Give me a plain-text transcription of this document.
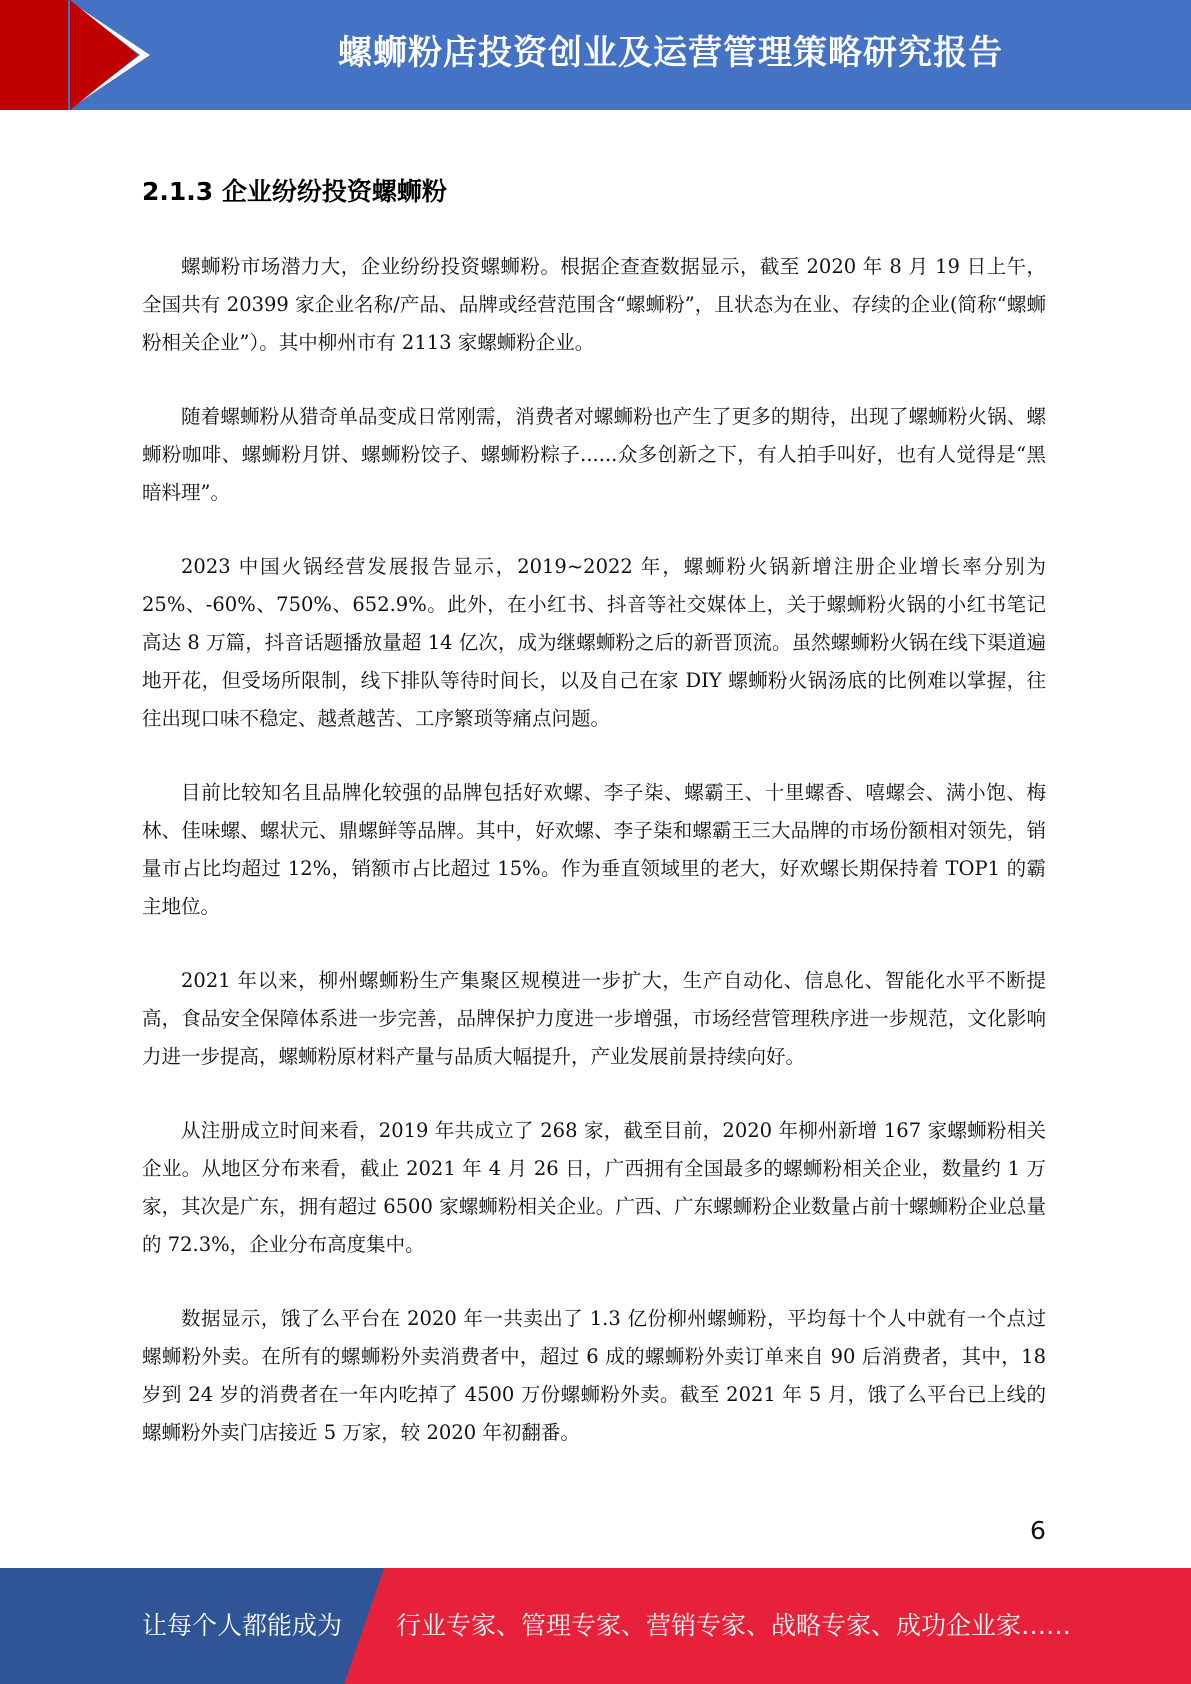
螺蛳粉店投资创业及运营管理策略研究报告
2.1.3 企业纷纷投资螺蛳粉

螺蛳粉市场潜力大，企业纷纷投资螺蛳粉。根据企查查数据显示，截至 2020 年 8 月 19 日上午，全国共有 20399 家企业名称/产品、品牌或经营范围含“螺蛳粉”，且状态为在业、存续的企业(简称“螺蛳粉相关企业”）。其中柳州市有 2113 家螺蛳粉企业。

随着螺蛳粉从猎奇单品变成日常刚需，消费者对螺蛳粉也产生了更多的期待，出现了螺蛳粉火锅、螺蛳粉咖啡、螺蛳粉月饼、螺蛳粉饺子、螺蛳粉粽子......众多创新之下，有人拍手叫好，也有人觉得是“黑暗料理”。

2023 中国火锅经营发展报告显示，2019~2022 年，螺蛳粉火锅新增注册企业增长率分别为 25%、-60%、750%、652.9%。此外，在小红书、抖音等社交媒体上，关于螺蛳粉火锅的小红书笔记高达 8 万篇，抖音话题播放量超 14 亿次，成为继螺蛳粉之后的新晋顶流。虽然螺蛳粉火锅在线下渠道遍地开花，但受场所限制，线下排队等待时间长，以及自己在家 DIY 螺蛳粉火锅汤底的比例难以掌握，往往出现口味不稳定、越煮越苦、工序繁琐等痛点问题。

目前比较知名且品牌化较强的品牌包括好欢螺、李子柒、螺霸王、十里螺香、嘻螺会、满小饱、梅林、佳味螺、螺状元、鼎螺鲜等品牌。其中，好欢螺、李子柒和螺霸王三大品牌的市场份额相对领先，销量市占比均超过 12%，销额市占比超过 15%。作为垂直领域里的老大，好欢螺长期保持着 TOP1 的霸主地位。

2021 年以来，柳州螺蛳粉生产集聚区规模进一步扩大，生产自动化、信息化、智能化水平不断提高，食品安全保障体系进一步完善，品牌保护力度进一步增强，市场经营管理秩序进一步规范，文化影响力进一步提高，螺蛳粉原材料产量与品质大幅提升，产业发展前景持续向好。

从注册成立时间来看，2019 年共成立了 268 家，截至目前，2020 年柳州新增 167 家螺蛳粉相关企业。从地区分布来看，截止 2021 年 4 月 26 日，广西拥有全国最多的螺蛳粉相关企业，数量约 1 万家，其次是广东，拥有超过 6500 家螺蛳粉相关企业。广西、广东螺蛳粉企业数量占前十螺蛳粉企业总量的 72.3%，企业分布高度集中。

数据显示，饿了么平台在 2020 年一共卖出了 1.3 亿份柳州螺蛳粉，平均每十个人中就有一个点过螺蛳粉外卖。在所有的螺蛳粉外卖消费者中，超过 6 成的螺蛳粉外卖订单来自 90 后消费者，其中，18 岁到 24 岁的消费者在一年内吃掉了 4500 万份螺蛳粉外卖。截至 2021 年 5 月，饿了么平台已上线的螺蛳粉外卖门店接近 5 万家，较 2020 年初翻番。

6
让每个人都能成为 行业专家、管理专家、营销专家、战略专家、成功企业家……
